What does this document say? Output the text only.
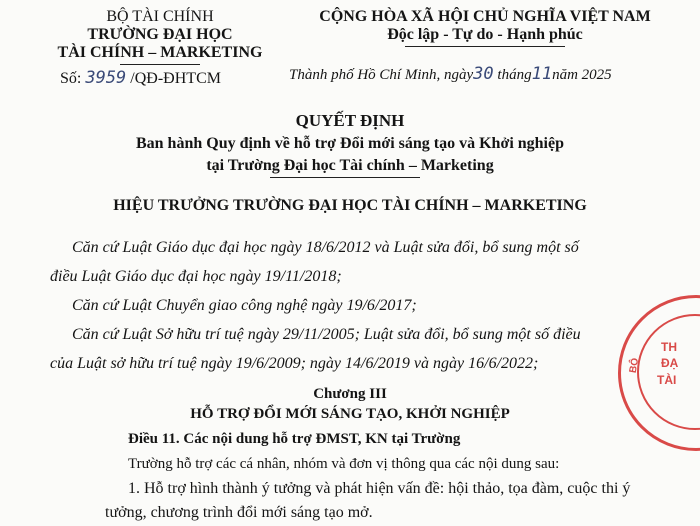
BỘ TÀI CHÍNH
TRƯỜNG ĐẠI HỌC
TÀI CHÍNH – MARKETING
Số: 3959 /QĐ-ĐHTCM
CỘNG HÒA XÃ HỘI CHỦ NGHĨA VIỆT NAM
Độc lập - Tự do - Hạnh phúc
Thành phố Hồ Chí Minh, ngày30 tháng11năm 2025
QUYẾT ĐỊNH
Ban hành Quy định về hỗ trợ Đổi mới sáng tạo và Khởi nghiệp
tại Trường Đại học Tài chính – Marketing
HIỆU TRƯỞNG TRƯỜNG ĐẠI HỌC TÀI CHÍNH – MARKETING
Căn cứ Luật Giáo dục đại học ngày 18/6/2012 và Luật sửa đổi, bổ sung một số
điều Luật Giáo dục đại học ngày 19/11/2018;
Căn cứ Luật Chuyển giao công nghệ ngày 19/6/2017;
Căn cứ Luật Sở hữu trí tuệ ngày 29/11/2005; Luật sửa đổi, bổ sung một số điều
của Luật sở hữu trí tuệ ngày 19/6/2009; ngày 14/6/2019 và ngày 16/6/2022;
Chương III
HỖ TRỢ ĐỔI MỚI SÁNG TẠO, KHỞI NGHIỆP
Điều 11. Các nội dung hỗ trợ ĐMST, KN tại Trường
Trường hỗ trợ các cá nhân, nhóm và đơn vị thông qua các nội dung sau:
1. Hỗ trợ hình thành ý tưởng và phát hiện vấn đề: hội thảo, tọa đàm, cuộc thi ý
tưởng, chương trình đổi mới sáng tạo mở.
TH
ĐẠ
BỘ
TÀI
